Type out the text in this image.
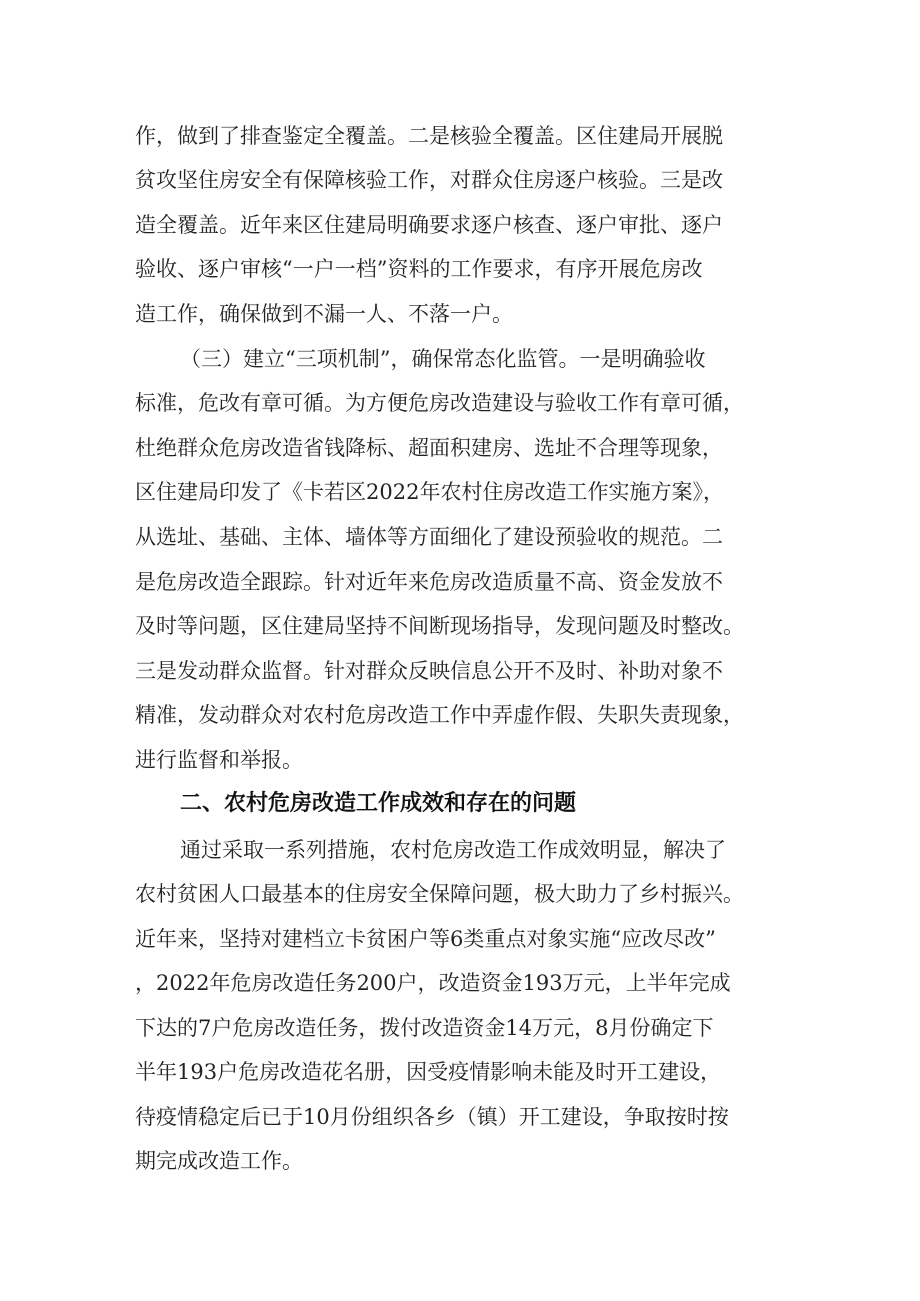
作，做到了排查鉴定全覆盖。二是核验全覆盖。区住建局开展脱
贫攻坚住房安全有保障核验工作，对群众住房逐户核验。三是改
造全覆盖。近年来区住建局明确要求逐户核查、逐户审批、逐户
验收、逐户审核“一户一档”资料的工作要求，有序开展危房改
造工作，确保做到不漏一人、不落一户。
（三）建立“三项机制”，确保常态化监管。一是明确验收
标准，危改有章可循。为方便危房改造建设与验收工作有章可循，
杜绝群众危房改造省钱降标、超面积建房、选址不合理等现象，
区住建局印发了《卡若区2022年农村住房改造工作实施方案》，
从选址、基础、主体、墙体等方面细化了建设预验收的规范。二
是危房改造全跟踪。针对近年来危房改造质量不高、资金发放不
及时等问题，区住建局坚持不间断现场指导，发现问题及时整改。
三是发动群众监督。针对群众反映信息公开不及时、补助对象不
精准，发动群众对农村危房改造工作中弄虚作假、失职失责现象，
进行监督和举报。
二、农村危房改造工作成效和存在的问题
通过采取一系列措施，农村危房改造工作成效明显，解决了
农村贫困人口最基本的住房安全保障问题，极大助力了乡村振兴。
近年来，坚持对建档立卡贫困户等6类重点对象实施“应改尽改”
，2022年危房改造任务200户，改造资金193万元，上半年完成
下达的7户危房改造任务，拨付改造资金14万元，8月份确定下
半年193户危房改造花名册，因受疫情影响未能及时开工建设，
待疫情稳定后已于10月份组织各乡（镇）开工建设，争取按时按
期完成改造工作。
